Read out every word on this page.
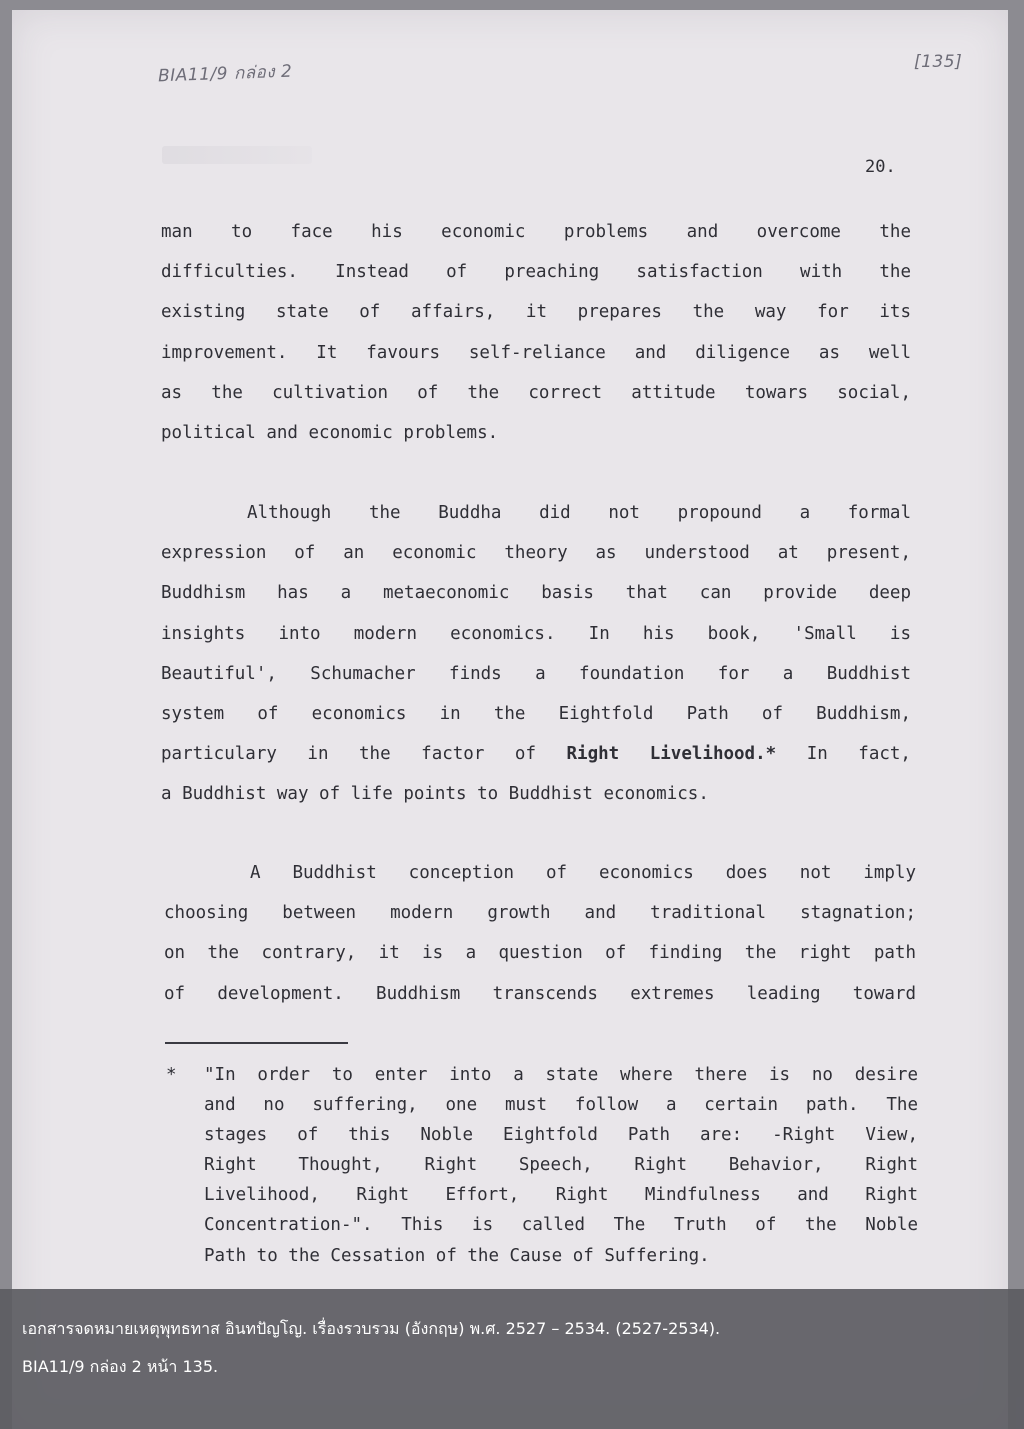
BIA11/9 กล่อง 2	[135]
20.
man to face his economic problems and overcome the
difficulties. Instead of preaching satisfaction with the
existing state of affairs, it prepares the way for its
improvement. It favours self-reliance and diligence as well
as the cultivation of the correct attitude towars social,
political and economic problems.
Although the Buddha did not propound a formal
expression of an economic theory as understood at present,
Buddhism has a metaeconomic basis that can provide deep
insights into modern economics. In his book, 'Small is
Beautiful', Schumacher finds a foundation for a Buddhist
system of economics in the Eightfold Path of Buddhism,
particulary in the factor of Right Livelihood.* In fact,
a Buddhist way of life points to Buddhist economics.
A Buddhist conception of economics does not imply
choosing between modern growth and traditional stagnation;
on the contrary, it is a question of finding the right path
of development. Buddhism transcends extremes leading toward
* "In order to enter into a state where there is no desire
and no suffering, one must follow a certain path. The
stages of this Noble Eightfold Path are: -Right View,
Right Thought, Right Speech, Right Behavior, Right
Livelihood, Right Effort, Right Mindfulness and Right
Concentration-". This is called The Truth of the Noble
Path to the Cessation of the Cause of Suffering.
เอกสารจดหมายเหตุพุทธทาส อินทปัญโญ. เรื่องรวบรวม (อังกฤษ) พ.ศ. 2527 – 2534. (2527-2534).
BIA11/9 กล่อง 2 หน้า 135.
